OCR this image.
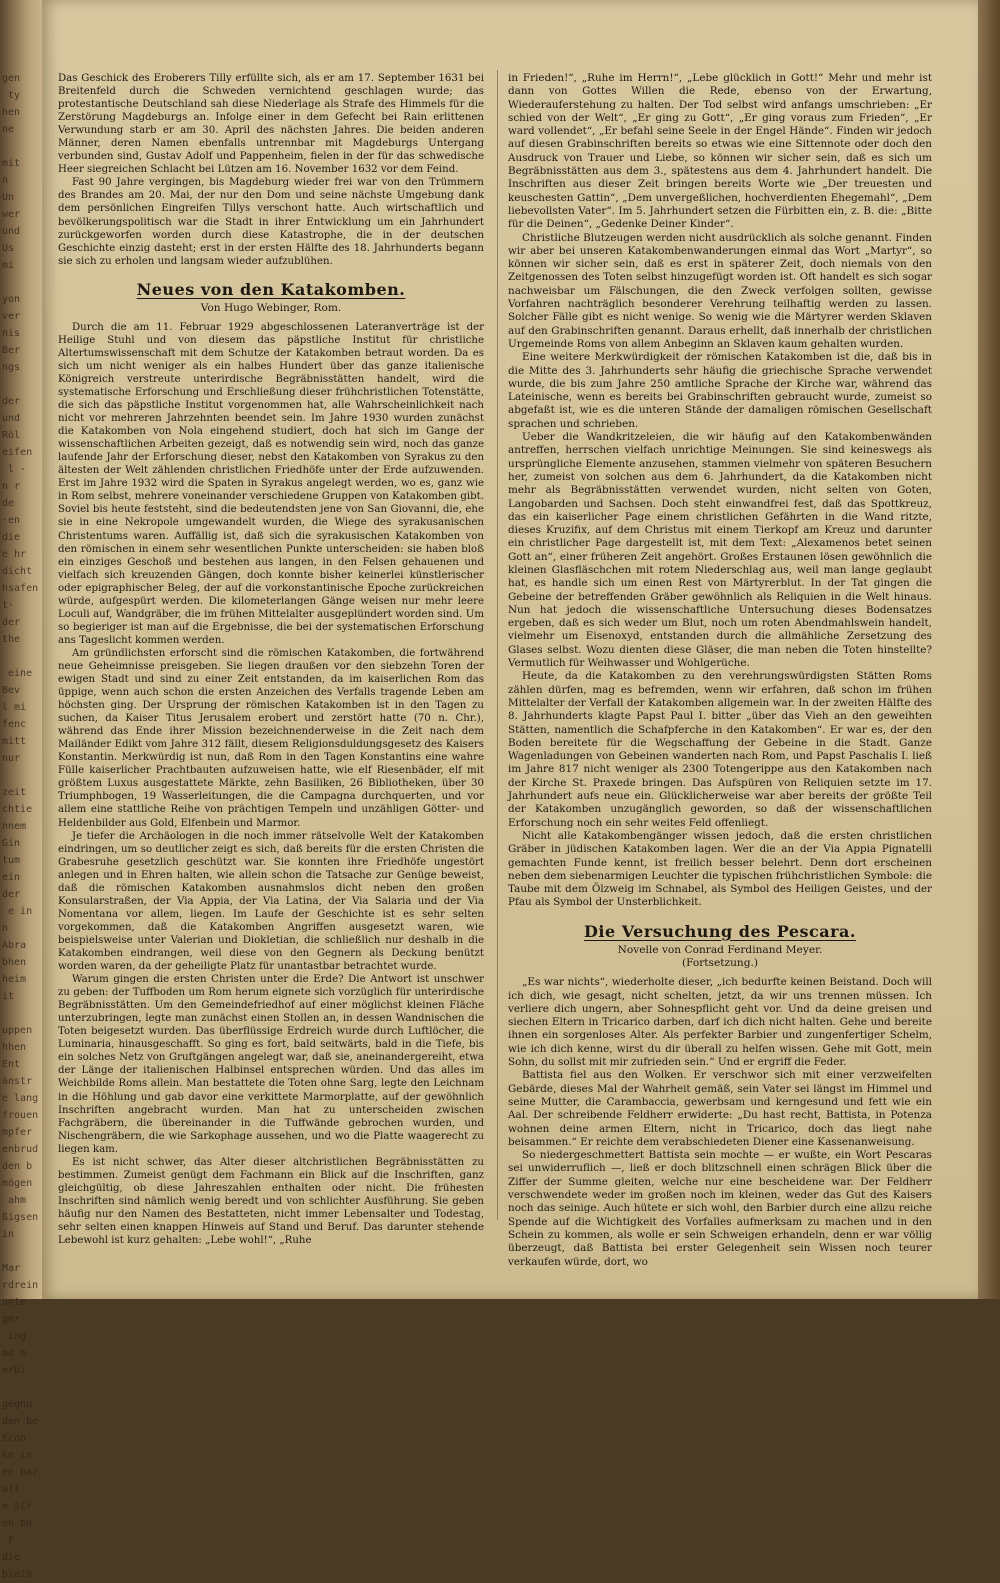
gen
ty
hen
ne

mit
n
Un
wer
und
Us
mi

yon
ver
nis
Ber
ngs

der
und
Röl
eifen
l ·
n r
de
·en
die
e hr
dicht
hsafen
t·
der
the

eine
Bev
l mi
fenc
mitt
nur

zeit
chtie
nnem
Gin
tum
ein
der
e in
n
Abra
bhen
heim
it

uppen
hhen
Ent
änstr
e lang
frouen
mpfer
enbrud
den b
mögen
ahm
ßigsen
in

Mar
rdrein
unte
ger
ing
md m
erbi

gegnu
den be
Econ
ke in
en bar
aft
e Str
en bu
F
die
biein

Das Geschick des Eroberers Tilly erfüllte sich, als er am 17. September 1631 bei Breitenfeld durch die Schweden vernichtend geschlagen wurde; das protestantische Deutschland sah diese Niederlage als Strafe des Himmels für die Zerstörung Magdeburgs an. Infolge einer in dem Gefecht bei Rain erlittenen Verwundung starb er am 30. April des nächsten Jahres. Die beiden anderen Männer, deren Namen ebenfalls untrennbar mit Magdeburgs Untergang verbunden sind, Gustav Adolf und Pappenheim, fielen in der für das schwedische Heer siegreichen Schlacht bei Lützen am 16. November 1632 vor dem Feind.

Fast 90 Jahre vergingen, bis Magdeburg wieder frei war von den Trümmern des Brandes am 20. Mai, der nur den Dom und seine nächste Umgebung dank dem persönlichen Eingreifen Tillys verschont hatte. Auch wirtschaftlich und bevölkerungspolitisch war die Stadt in ihrer Entwicklung um ein Jahrhundert zurückgeworfen worden durch diese Katastrophe, die in der deutschen Geschichte einzig dasteht; erst in der ersten Hälfte des 18. Jahrhunderts begann sie sich zu erholen und langsam wieder aufzublühen.

Neues von den Katakomben.
Von Hugo Webinger, Rom.

Durch die am 11. Februar 1929 abgeschlossenen Lateranverträge ist der Heilige Stuhl und von diesem das päpstliche Institut für christliche Altertumswissenschaft mit dem Schutze der Katakomben betraut worden. Da es sich um nicht weniger als ein halbes Hundert über das ganze italienische Königreich verstreute unterirdische Begräbnisstätten handelt, wird die systematische Erforschung und Erschließung dieser frühchristlichen Totenstätte, die sich das päpstliche Institut vorgenommen hat, alle Wahrscheinlichkeit nach nicht vor mehreren Jahrzehnten beendet sein. Im Jahre 1930 wurden zunächst die Katakomben von Nola eingehend studiert, doch hat sich im Gange der wissenschaftlichen Arbeiten gezeigt, daß es notwendig sein wird, noch das ganze laufende Jahr der Erforschung dieser, nebst den Katakomben von Syrakus zu den ältesten der Welt zählenden christlichen Friedhöfe unter der Erde aufzuwenden. Erst im Jahre 1932 wird die Spaten in Syrakus angelegt werden, wo es, ganz wie in Rom selbst, mehrere voneinander verschiedene Gruppen von Katakomben gibt. Soviel bis heute feststeht, sind die bedeutendsten jene von San Giovanni, die, ehe sie in eine Nekropole umgewandelt wurden, die Wiege des syrakusanischen Christentums waren. Auffällig ist, daß sich die syrakusischen Katakomben von den römischen in einem sehr wesentlichen Punkte unterscheiden: sie haben bloß ein einziges Geschoß und bestehen aus langen, in den Felsen gehauenen und vielfach sich kreuzenden Gängen, doch konnte bisher keinerlei künstlerischer oder epigraphischer Beleg, der auf die vorkonstantinische Epoche zurückreichen würde, aufgespürt werden. Die kilometerlangen Gänge weisen nur mehr leere Loculi auf, Wandgräber, die im frühen Mittelalter ausgeplündert worden sind. Um so begieriger ist man auf die Ergebnisse, die bei der systematischen Erforschung ans Tageslicht kommen werden.

Am gründlichsten erforscht sind die römischen Katakomben, die fortwährend neue Geheimnisse preisgeben. Sie liegen draußen vor den siebzehn Toren der ewigen Stadt und sind zu einer Zeit entstanden, da im kaiserlichen Rom das üppige, wenn auch schon die ersten Anzeichen des Verfalls tragende Leben am höchsten ging. Der Ursprung der römischen Katakomben ist in den Tagen zu suchen, da Kaiser Titus Jerusalem erobert und zerstört hatte (70 n. Chr.), während das Ende ihrer Mission bezeichnenderweise in die Zeit nach dem Mailänder Edikt vom Jahre 312 fällt, diesem Religionsduldungsgesetz des Kaisers Konstantin. Merkwürdig ist nun, daß Rom in den Tagen Konstantins eine wahre Fülle kaiserlicher Prachtbauten aufzuweisen hatte, wie elf Riesenbäder, elf mit größtem Luxus ausgestattete Märkte, zehn Basiliken, 26 Bibliotheken, über 30 Triumphbogen, 19 Wasserleitungen, die die Campagna durchquerten, und vor allem eine stattliche Reihe von prächtigen Tempeln und unzähligen Götter- und Heldenbilder aus Gold, Elfenbein und Marmor.

Je tiefer die Archäologen in die noch immer rätselvolle Welt der Katakomben eindringen, um so deutlicher zeigt es sich, daß bereits für die ersten Christen die Grabesruhe gesetzlich geschützt war. Sie konnten ihre Friedhöfe ungestört anlegen und in Ehren halten, wie allein schon die Tatsache zur Genüge beweist, daß die römischen Katakomben ausnahmslos dicht neben den großen Konsularstraßen, der Via Appia, der Via Latina, der Via Salaria und der Via Nomentana vor allem, liegen. Im Laufe der Geschichte ist es sehr selten vorgekommen, daß die Katakomben Angriffen ausgesetzt waren, wie beispielsweise unter Valerian und Diokletian, die schließlich nur deshalb in die Katakomben eindrangen, weil diese von den Gegnern als Deckung benützt worden waren, da der geheiligte Platz für unantastbar betrachtet wurde.

Warum gingen die ersten Christen unter die Erde? Die Antwort ist unschwer zu geben: der Tuffboden um Rom herum eignete sich vorzüglich für unterirdische Begräbnisstätten. Um den Gemeindefriedhof auf einer möglichst kleinen Fläche unterzubringen, legte man zunächst einen Stollen an, in dessen Wandnischen die Toten beigesetzt wurden. Das überflüssige Erdreich wurde durch Luftlöcher, die Luminaria, hinausgeschafft. So ging es fort, bald seitwärts, bald in die Tiefe, bis ein solches Netz von Gruftgängen angelegt war, daß sie, aneinandergereiht, etwa der Länge der italienischen Halbinsel entsprechen würden. Und das alles im Weichbilde Roms allein. Man bestattete die Toten ohne Sarg, legte den Leichnam in die Höhlung und gab davor eine verkittete Marmorplatte, auf der gewöhnlich Inschriften angebracht wurden. Man hat zu unterscheiden zwischen Fachgräbern, die übereinander in die Tuffwände gebrochen wurden, und Nischengräbern, die wie Sarkophage aussehen, und wo die Platte waagerecht zu liegen kam.

Es ist nicht schwer, das Alter dieser altchristlichen Begräbnisstätten zu bestimmen. Zumeist genügt dem Fachmann ein Blick auf die Inschriften, ganz gleichgültig, ob diese Jahreszahlen enthalten oder nicht. Die frühesten Inschriften sind nämlich wenig beredt und von schlichter Ausführung. Sie geben häufig nur den Namen des Bestatteten, nicht immer Lebensalter und Todestag, sehr selten einen knappen Hinweis auf Stand und Beruf. Das darunter stehende Lebewohl ist kurz gehalten: „Lebe wohl!“, „Ruhe

in Frieden!“, „Ruhe im Herrn!“, „Lebe glücklich in Gott!“ Mehr und mehr ist dann von Gottes Willen die Rede, ebenso von der Erwartung, Wiederauferstehung zu halten. Der Tod selbst wird anfangs umschrieben: „Er schied von der Welt“, „Er ging zu Gott“, „Er ging voraus zum Frieden“, „Er ward vollendet“, „Er befahl seine Seele in der Engel Hände“. Finden wir jedoch auf diesen Grabinschriften bereits so etwas wie eine Sittennote oder doch den Ausdruck von Trauer und Liebe, so können wir sicher sein, daß es sich um Begräbnisstätten aus dem 3., spätestens aus dem 4. Jahrhundert handelt. Die Inschriften aus dieser Zeit bringen bereits Worte wie „Der treuesten und keuschesten Gattin“, „Dem unvergeßlichen, hochverdienten Ehegemahl“, „Dem liebevollsten Vater“. Im 5. Jahrhundert setzen die Fürbitten ein, z. B. die: „Bitte für die Deinen“, „Gedenke Deiner Kinder“.

Christliche Blutzeugen werden nicht ausdrücklich als solche genannt. Finden wir aber bei unseren Katakombenwanderungen einmal das Wort „Martyr“, so können wir sicher sein, daß es erst in späterer Zeit, doch niemals von den Zeitgenossen des Toten selbst hinzugefügt worden ist. Oft handelt es sich sogar nachweisbar um Fälschungen, die den Zweck verfolgen sollten, gewisse Vorfahren nachträglich besonderer Verehrung teilhaftig werden zu lassen. Solcher Fälle gibt es nicht wenige. So wenig wie die Märtyrer werden Sklaven auf den Grabinschriften genannt. Daraus erhellt, daß innerhalb der christlichen Urgemeinde Roms von allem Anbeginn an Sklaven kaum gehalten wurden.

Eine weitere Merkwürdigkeit der römischen Katakomben ist die, daß bis in die Mitte des 3. Jahrhunderts sehr häufig die griechische Sprache verwendet wurde, die bis zum Jahre 250 amtliche Sprache der Kirche war, während das Lateinische, wenn es bereits bei Grabinschriften gebraucht wurde, zumeist so abgefaßt ist, wie es die unteren Stände der damaligen römischen Gesellschaft sprachen und schrieben.

Ueber die Wandkritzeleien, die wir häufig auf den Katakombenwänden antreffen, herrschen vielfach unrichtige Meinungen. Sie sind keineswegs als ursprüngliche Elemente anzusehen, stammen vielmehr von späteren Besuchern her, zumeist von solchen aus dem 6. Jahrhundert, da die Katakomben nicht mehr als Begräbnisstätten verwendet wurden, nicht selten von Goten, Langobarden und Sachsen. Doch steht einwandfrei fest, daß das Spottkreuz, das ein kaiserlicher Page einem christlichen Gefährten in die Wand ritzte, dieses Kruzifix, auf dem Christus mit einem Tierkopf am Kreuz und darunter ein christlicher Page dargestellt ist, mit dem Text: „Alexamenos betet seinen Gott an“, einer früheren Zeit angehört. Großes Erstaunen lösen gewöhnlich die kleinen Glasfläschchen mit rotem Niederschlag aus, weil man lange geglaubt hat, es handle sich um einen Rest von Märtyrerblut. In der Tat gingen die Gebeine der betreffenden Gräber gewöhnlich als Reliquien in die Welt hinaus. Nun hat jedoch die wissenschaftliche Untersuchung dieses Bodensatzes ergeben, daß es sich weder um Blut, noch um roten Abendmahlswein handelt, vielmehr um Eisenoxyd, entstanden durch die allmähliche Zersetzung des Glases selbst. Wozu dienten diese Gläser, die man neben die Toten hinstellte? Vermutlich für Weihwasser und Wohlgerüche.

Heute, da die Katakomben zu den verehrungswürdigsten Stätten Roms zählen dürfen, mag es befremden, wenn wir erfahren, daß schon im frühen Mittelalter der Verfall der Katakomben allgemein war. In der zweiten Hälfte des 8. Jahrhunderts klagte Papst Paul I. bitter „über das Vieh an den geweihten Stätten, namentlich die Schafpferche in den Katakomben“. Er war es, der den Boden bereitete für die Wegschaffung der Gebeine in die Stadt. Ganze Wagenladungen von Gebeinen wanderten nach Rom, und Papst Paschalis I. ließ im Jahre 817 nicht weniger als 2300 Totengerippe aus den Katakomben nach der Kirche St. Praxede bringen. Das Aufspüren von Reliquien setzte im 17. Jahrhundert aufs neue ein. Glücklicherweise war aber bereits der größte Teil der Katakomben unzugänglich geworden, so daß der wissenschaftlichen Erforschung noch ein sehr weites Feld offenliegt.

Nicht alle Katakombengänger wissen jedoch, daß die ersten christlichen Gräber in jüdischen Katakomben lagen. Wer die an der Via Appia Pignatelli gemachten Funde kennt, ist freilich besser belehrt. Denn dort erscheinen neben dem siebenarmigen Leuchter die typischen frühchristlichen Symbole: die Taube mit dem Ölzweig im Schnabel, als Symbol des Heiligen Geistes, und der Pfau als Symbol der Unsterblichkeit.

Die Versuchung des Pescara.
Novelle von Conrad Ferdinand Meyer.
(Fortsetzung.)

„Es war nichts“, wiederholte dieser, „ich bedurfte keinen Beistand. Doch will ich dich, wie gesagt, nicht schelten, jetzt, da wir uns trennen müssen. Ich verliere dich ungern, aber Sohnespflicht geht vor. Und da deine greisen und siechen Eltern in Tricarico darben, darf ich dich nicht halten. Gehe und bereite ihnen ein sorgenloses Alter. Als perfekter Barbier und zungenfertiger Schelm, wie ich dich kenne, wirst du dir überall zu helfen wissen. Gehe mit Gott, mein Sohn, du sollst mit mir zufrieden sein.“ Und er ergriff die Feder.

Battista fiel aus den Wolken. Er verschwor sich mit einer verzweifelten Gebärde, dieses Mal der Wahrheit gemäß, sein Vater sei längst im Himmel und seine Mutter, die Carambaccia, gewerbsam und kerngesund und fett wie ein Aal. Der schreibende Feldherr erwiderte: „Du hast recht, Battista, in Potenza wohnen deine armen Eltern, nicht in Tricarico, doch das liegt nahe beisammen.“ Er reichte dem verabschiedeten Diener eine Kassenanweisung.

So niedergeschmettert Battista sein mochte — er wußte, ein Wort Pescaras sei unwiderruflich —, ließ er doch blitzschnell einen schrägen Blick über die Ziffer der Summe gleiten, welche nur eine bescheidene war. Der Feldherr verschwendete weder im großen noch im kleinen, weder das Gut des Kaisers noch das seinige. Auch hütete er sich wohl, den Barbier durch eine allzu reiche Spende auf die Wichtigkeit des Vorfalles aufmerksam zu machen und in den Schein zu kommen, als wolle er sein Schweigen erhandeln, denn er war völlig überzeugt, daß Battista bei erster Gelegenheit sein Wissen noch teurer verkaufen würde, dort, wo
